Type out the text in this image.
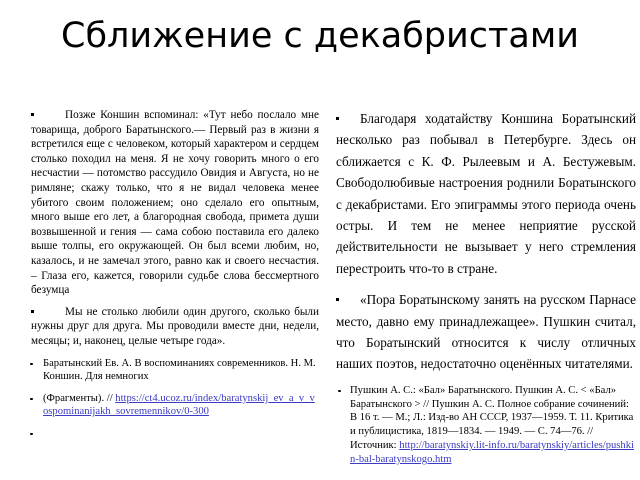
Сближение с декабристами

Позже Коншин вспоминал: «Тут небо послало мне товарища, доброго Баратынского.— Первый раз в жизни я встретился еще с человеком, который характером и сердцем столько походил на меня. Я не хочу говорить много о его несчастии — потомство рассудило Овидия и Августа, но не римляне; скажу только, что я не видал человека менее убитого своим положением; оно сделало его опытным, много выше его лет, а благородная свобода, примета души возвышенной и гения — сама собою поставила его далеко выше толпы, его окружающей. Он был всеми любим, но, казалось, и не замечал этого, равно как и своего несчастия. – Глаза его, кажется, говорили судьбе слова бессмертного безумца

Мы не столько любили один другого, сколько были нужны друг для друга. Мы проводили вместе дни, недели, месяцы; и, наконец, целые четыре года».

Баратынский Ев. А. В воспоминаниях современников. Н. М. Коншин. Для немногих
(Фрагменты). // https://ct4.ucoz.ru/index/baratynskij_ev_a_v_vospominanijakh_sovremennikov/0-300

Благодаря ходатайству Коншина Боратынский несколько раз побывал в Петербурге. Здесь он сближается с К. Ф. Рылеевым и А. Бестужевым. Свободолюбивые настроения роднили Боратынского с декабристами. Его эпиграммы этого периода очень остры. И тем не менее неприятие русской действительности не вызывает у него стремления перестроить что-то в стране.

«Пора Боратынскому занять на русском Парнасе место, давно ему принадлежащее». Пушкин считал, что Боратынский относится к числу отличных наших поэтов, недостаточно оценённых читателями.

Пушкин А. С.: «Бал» Баратынского. Пушкин А. С. < «Бал» Баратынского > // Пушкин А. С. Полное собрание сочинений: В 16 т. — М.; Л.: Изд-во АН СССР, 1937—1959. Т. 11. Критика и публицистика, 1819—1834. — 1949. — С. 74—76. // Источник: http://baratynskiy.lit-info.ru/baratynskiy/articles/pushkin-bal-baratynskogo.htm
